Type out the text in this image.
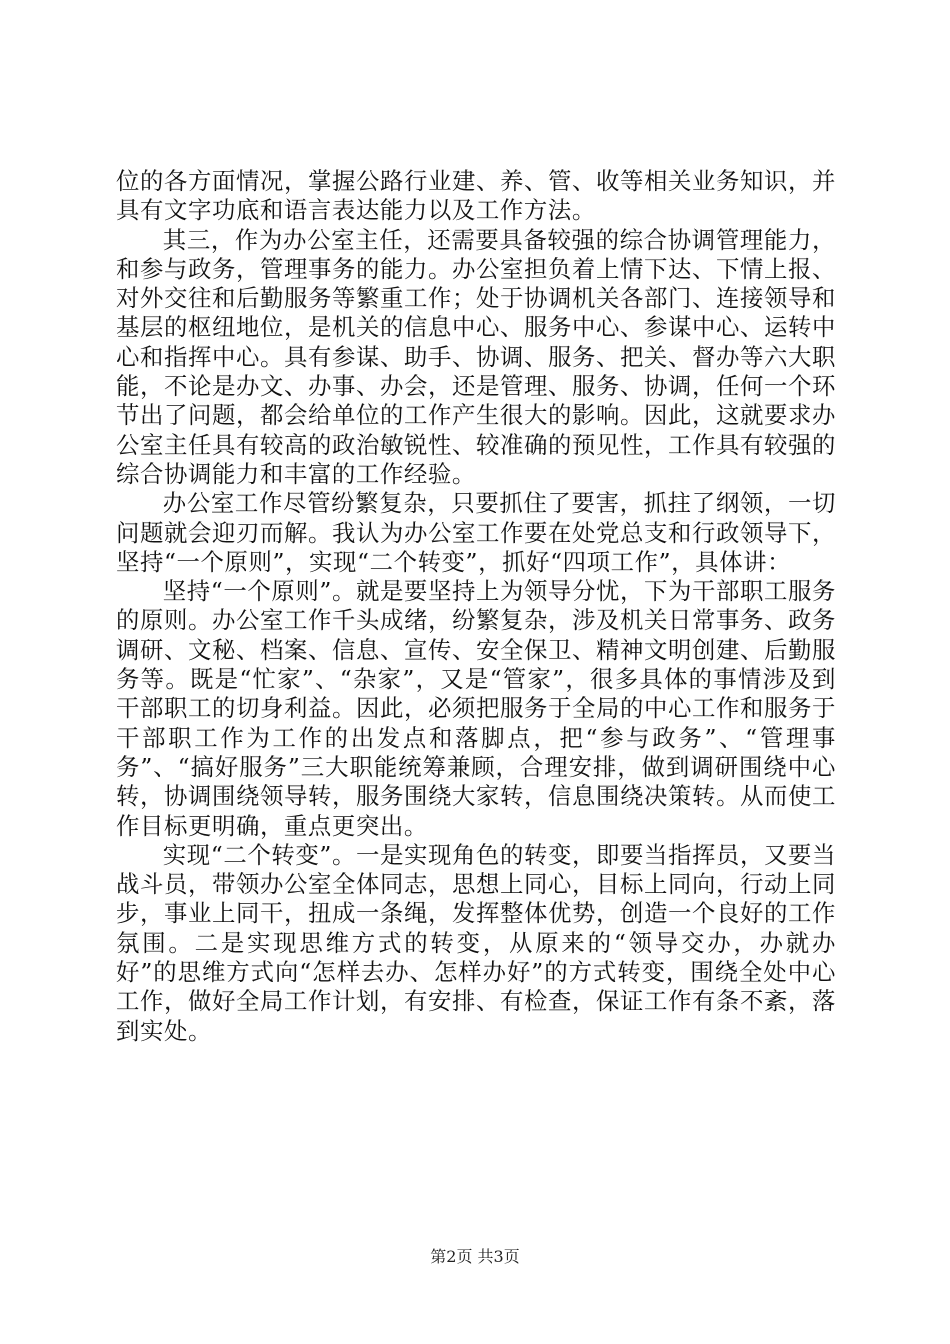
位的各方面情况，掌握公路行业建、养、管、收等相关业务知识，并具有文字功底和语言表达能力以及工作方法。

其三，作为办公室主任，还需要具备较强的综合协调管理能力，和参与政务，管理事务的能力。办公室担负着上情下达、下情上报、对外交往和后勤服务等繁重工作；处于协调机关各部门、连接领导和基层的枢纽地位，是机关的信息中心、服务中心、参谋中心、运转中心和指挥中心。具有参谋、助手、协调、服务、把关、督办等六大职能，不论是办文、办事、办会，还是管理、服务、协调，任何一个环节出了问题，都会给单位的工作产生很大的影响。因此，这就要求办公室主任具有较高的政治敏锐性、较准确的预见性，工作具有较强的综合协调能力和丰富的工作经验。

办公室工作尽管纷繁复杂，只要抓住了要害，抓拄了纲领，一切问题就会迎刃而解。我认为办公室工作要在处党总支和行政领导下，坚持“一个原则”，实现“二个转变”，抓好“四项工作”，具体讲：

坚持“一个原则”。就是要坚持上为领导分忧，下为干部职工服务的原则。办公室工作千头成绪，纷繁复杂，涉及机关日常事务、政务调研、文秘、档案、信息、宣传、安全保卫、精神文明创建、后勤服务等。既是“忙家”、“杂家”，又是“管家”，很多具体的事情涉及到干部职工的切身利益。因此，必须把服务于全局的中心工作和服务于干部职工作为工作的出发点和落脚点，把“参与政务”、“管理事务”、“搞好服务”三大职能统筹兼顾，合理安排，做到调研围绕中心转，协调围绕领导转，服务围绕大家转，信息围绕决策转。从而使工作目标更明确，重点更突出。

实现“二个转变”。一是实现角色的转变，即要当指挥员，又要当战斗员，带领办公室全体同志，思想上同心，目标上同向，行动上同步，事业上同干，扭成一条绳，发挥整体优势，创造一个良好的工作氛围。二是实现思维方式的转变，从原来的“领导交办，办就办好”的思维方式向“怎样去办、怎样办好”的方式转变，围绕全处中心工作，做好全局工作计划，有安排、有检查，保证工作有条不紊，落到实处。

第2页 共3页
